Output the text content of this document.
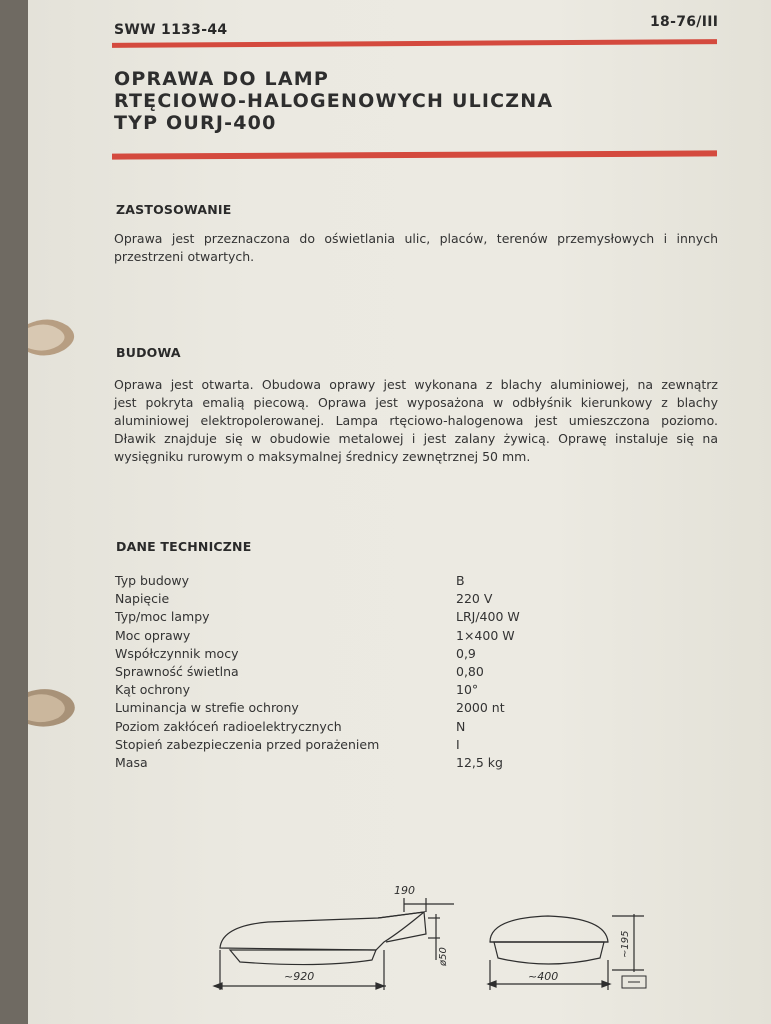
SWW 1133-44	18-76/III
OPRAWA DO LAMP
RTĘCIOWO-HALOGENOWYCH ULICZNA
TYP OURJ-400
ZASTOSOWANIE
Oprawa jest przeznaczona do oświetlania ulic, placów, terenów przemysłowych i innych
przestrzeni otwartych.
BUDOWA
Oprawa jest otwarta. Obudowa oprawy jest wykonana z blachy aluminiowej, na zewnątrz
jest pokryta emalią piecową. Oprawa jest wyposażona w odbłyśnik kierunkowy z blachy
aluminiowej elektropolerowanej. Lampa rtęciowo-halogenowa jest umieszczona poziomo.
Dławik znajduje się w obudowie metalowej i jest zalany żywicą. Oprawę instaluje się na
wysięgniku rurowym o maksymalnej średnicy zewnętrznej 50 mm.
DANE TECHNICZNE
Typ budowy	B
Napięcie	220 V
Typ/moc lampy	LRJ/400 W
Moc oprawy	1×400 W
Współczynnik mocy	0,9
Sprawność świetlna	0,80
Kąt ochrony	10°
Luminancja w strefie ochrony	2000 nt
Poziom zakłóceń radioelektrycznych	N
Stopień zabezpieczenia przed porażeniem	I
Masa	12,5 kg
190
~920
ø50
~400
~195
